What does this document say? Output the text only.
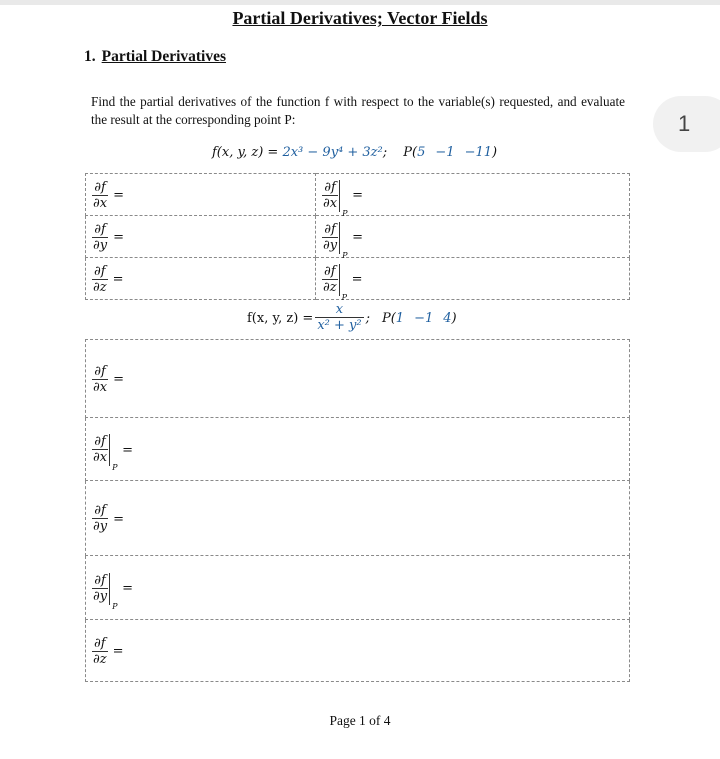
Partial Derivatives; Vector Fields
1. Partial Derivatives
Find the partial derivatives of the function f with respect to the variable(s) requested, and evaluate the result at the corresponding point P:	1
f(x, y, z) = 2x³ − 9y⁴ + 3z²; P(5 −1 −11)
$\frac{\partial f}{\partial x}$ =	∂f
∂x
P
=

$\frac{\partial f}{\partial y}$ =	∂f
∂y
P
=

$\frac{\partial f}{\partial z}$ =	∂f
∂z
P
=
f(x, y, $z) = \frac{x}{\text{x² + y²}}$ ; P( 1 −1 4 )
$\frac{\partial f}{\partial x}$ =

∂f
∂x
P
=

$\frac{\partial f}{\partial y}$ =

∂f
∂y
P
=

$\frac{\partial f}{\partial z}$ =
Page 1 of 4
